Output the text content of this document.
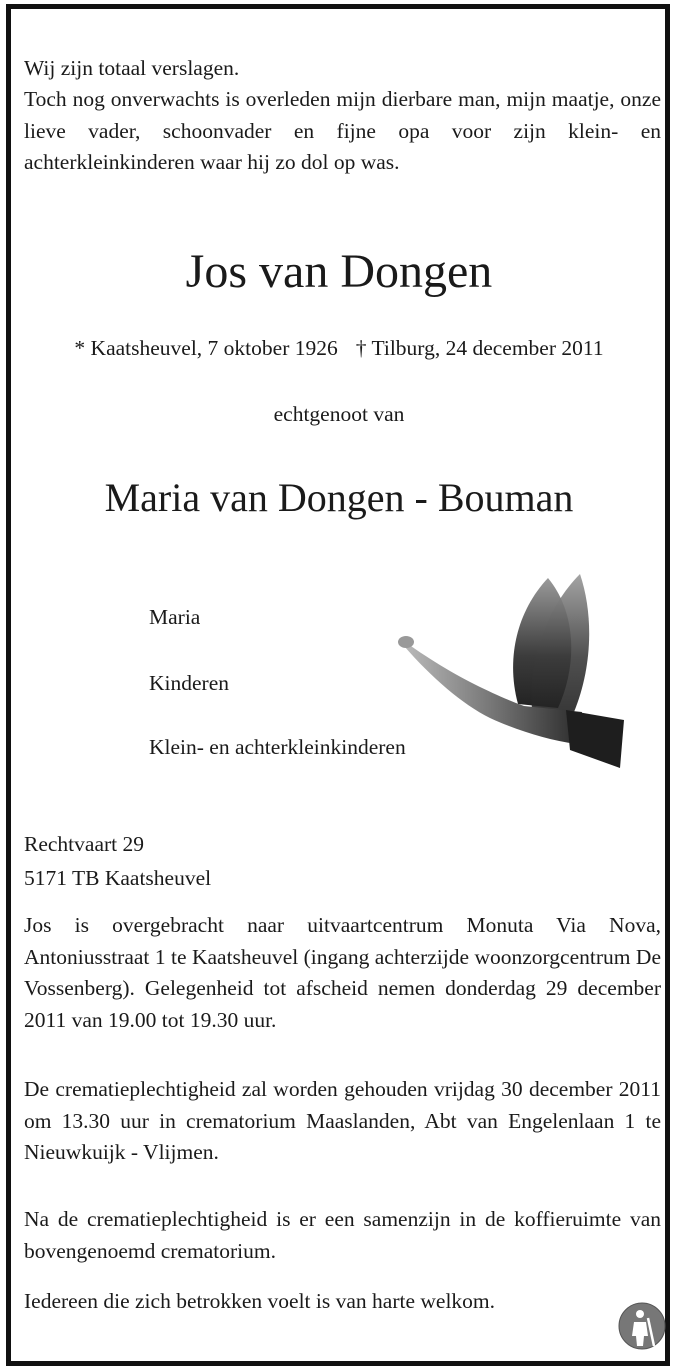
Wij zijn totaal verslagen.

Toch nog onverwachts is overleden mijn dierbare man, mijn maatje, onze lieve vader, schoonvader en fijne opa voor zijn klein- en achterkleinkinderen waar hij zo dol op was.

Jos van Dongen
* Kaatsheuvel, 7 oktober 1926 † Tilburg, 24 december 2011
echtgenoot van
Maria van Dongen - Bouman
Maria
Kinderen
Klein- en achterkleinkinderen

Rechtvaart 29

5171 TB Kaatsheuvel

Jos is overgebracht naar uitvaartcentrum Monuta Via Nova, Antoniusstraat 1 te Kaatsheuvel (ingang achterzijde woonzorgcentrum De Vossenberg). Gelegenheid tot afscheid nemen donderdag 29 december 2011 van 19.00 tot 19.30 uur.

De crematieplechtigheid zal worden gehouden vrijdag 30 december 2011 om 13.30 uur in crematorium Maaslanden, Abt van Engelenlaan 1 te Nieuwkuijk - Vlijmen.

Na de crematieplechtigheid is er een samenzijn in de koffieruimte van bovengenoemd crematorium.

Iedereen die zich betrokken voelt is van harte welkom.
